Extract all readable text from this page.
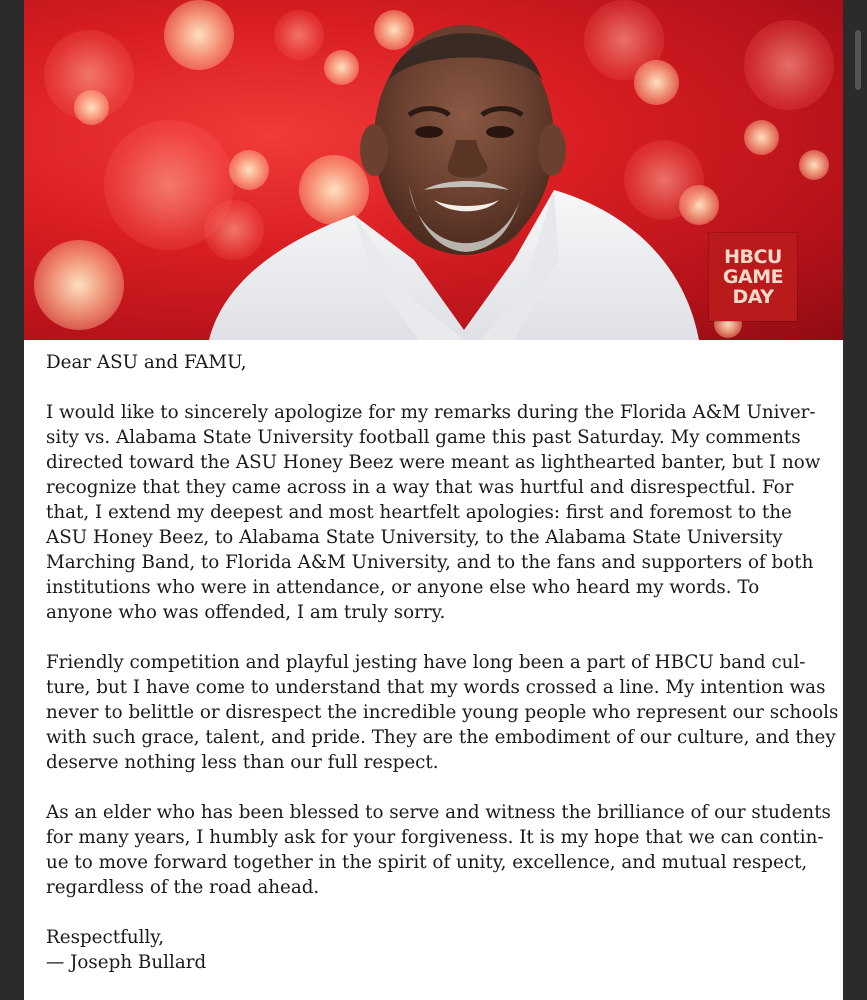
HBCU
GAME
DAY

Dear ASU and FAMU,

I would like to sincerely apologize for my remarks during the Florida A&M Univer-
sity vs. Alabama State University football game this past Saturday. My comments
directed toward the ASU Honey Beez were meant as lighthearted banter, but I now
recognize that they came across in a way that was hurtful and disrespectful. For
that, I extend my deepest and most heartfelt apologies: first and foremost to the
ASU Honey Beez, to Alabama State University, to the Alabama State University
Marching Band, to Florida A&M University, and to the fans and supporters of both
institutions who were in attendance, or anyone else who heard my words. To
anyone who was offended, I am truly sorry.

Friendly competition and playful jesting have long been a part of HBCU band cul-
ture, but I have come to understand that my words crossed a line. My intention was
never to belittle or disrespect the incredible young people who represent our schools
with such grace, talent, and pride. They are the embodiment of our culture, and they
deserve nothing less than our full respect.

As an elder who has been blessed to serve and witness the brilliance of our students
for many years, I humbly ask for your forgiveness. It is my hope that we can contin-
ue to move forward together in the spirit of unity, excellence, and mutual respect,
regardless of the road ahead.

Respectfully,

— Joseph Bullard
